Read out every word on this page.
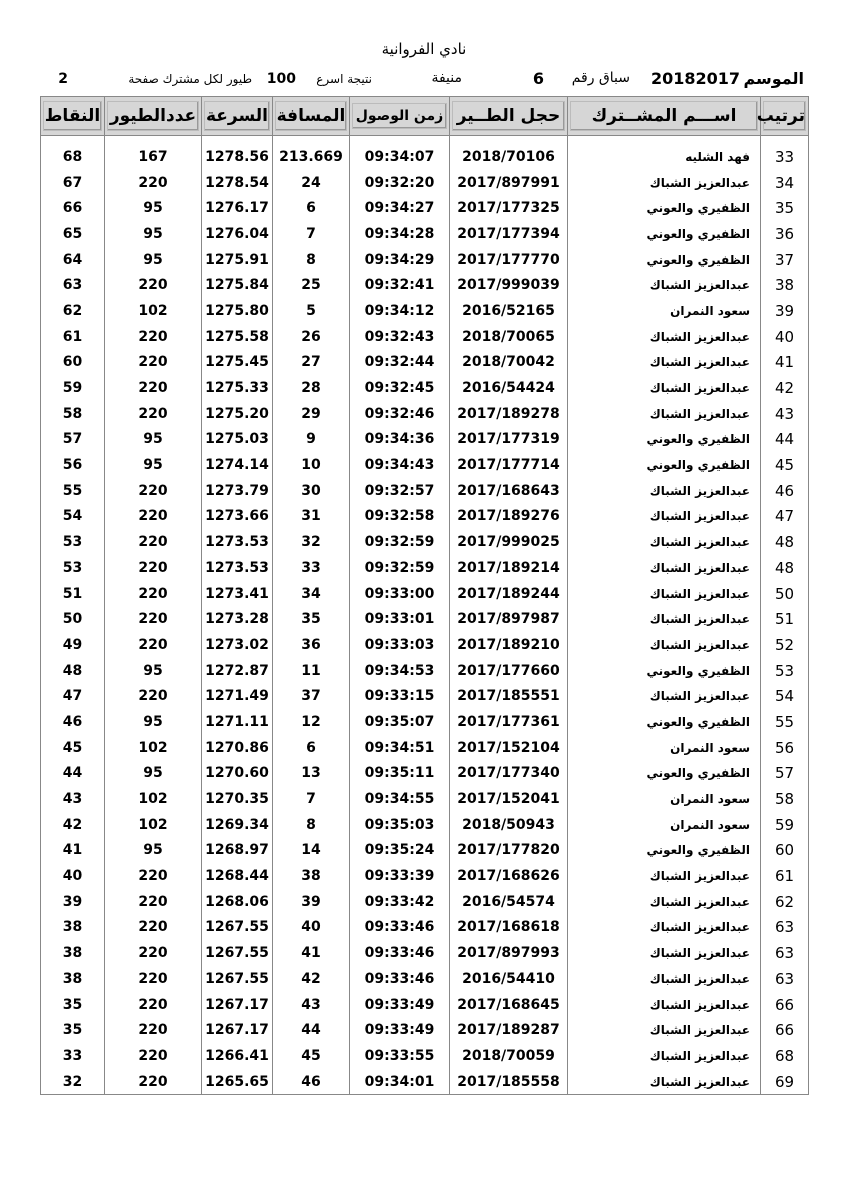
نادي الفروانية
الموسم
20182017
سباق رقم
6
منيفة
نتيجة اسرع
100
طيور لكل مشترك صفحة
2
ترتيب	اســـم المشــترك	حجل الطــير	زمن الوصول	المسافة	السرعة	عددالطيور	النقاط

33	فهد الشليه	2018/70106	09:34:07	213.669	1278.56	167	68
34	عبدالعزيز الشباك	2017/897991	09:32:20	24	1278.54	220	67
35	الظفيري والعوني	2017/177325	09:34:27	6	1276.17	95	66
36	الظفيري والعوني	2017/177394	09:34:28	7	1276.04	95	65
37	الظفيري والعوني	2017/177770	09:34:29	8	1275.91	95	64
38	عبدالعزيز الشباك	2017/999039	09:32:41	25	1275.84	220	63
39	سعود النمران	2016/52165	09:34:12	5	1275.80	102	62
40	عبدالعزيز الشباك	2018/70065	09:32:43	26	1275.58	220	61
41	عبدالعزيز الشباك	2018/70042	09:32:44	27	1275.45	220	60
42	عبدالعزيز الشباك	2016/54424	09:32:45	28	1275.33	220	59
43	عبدالعزيز الشباك	2017/189278	09:32:46	29	1275.20	220	58
44	الظفيري والعوني	2017/177319	09:34:36	9	1275.03	95	57
45	الظفيري والعوني	2017/177714	09:34:43	10	1274.14	95	56
46	عبدالعزيز الشباك	2017/168643	09:32:57	30	1273.79	220	55
47	عبدالعزيز الشباك	2017/189276	09:32:58	31	1273.66	220	54
48	عبدالعزيز الشباك	2017/999025	09:32:59	32	1273.53	220	53
48	عبدالعزيز الشباك	2017/189214	09:32:59	33	1273.53	220	53
50	عبدالعزيز الشباك	2017/189244	09:33:00	34	1273.41	220	51
51	عبدالعزيز الشباك	2017/897987	09:33:01	35	1273.28	220	50
52	عبدالعزيز الشباك	2017/189210	09:33:03	36	1273.02	220	49
53	الظفيري والعوني	2017/177660	09:34:53	11	1272.87	95	48
54	عبدالعزيز الشباك	2017/185551	09:33:15	37	1271.49	220	47
55	الظفيري والعوني	2017/177361	09:35:07	12	1271.11	95	46
56	سعود النمران	2017/152104	09:34:51	6	1270.86	102	45
57	الظفيري والعوني	2017/177340	09:35:11	13	1270.60	95	44
58	سعود النمران	2017/152041	09:34:55	7	1270.35	102	43
59	سعود النمران	2018/50943	09:35:03	8	1269.34	102	42
60	الظفيري والعوني	2017/177820	09:35:24	14	1268.97	95	41
61	عبدالعزيز الشباك	2017/168626	09:33:39	38	1268.44	220	40
62	عبدالعزيز الشباك	2016/54574	09:33:42	39	1268.06	220	39
63	عبدالعزيز الشباك	2017/168618	09:33:46	40	1267.55	220	38
63	عبدالعزيز الشباك	2017/897993	09:33:46	41	1267.55	220	38
63	عبدالعزيز الشباك	2016/54410	09:33:46	42	1267.55	220	38
66	عبدالعزيز الشباك	2017/168645	09:33:49	43	1267.17	220	35
66	عبدالعزيز الشباك	2017/189287	09:33:49	44	1267.17	220	35
68	عبدالعزيز الشباك	2018/70059	09:33:55	45	1266.41	220	33
69	عبدالعزيز الشباك	2017/185558	09:34:01	46	1265.65	220	32
